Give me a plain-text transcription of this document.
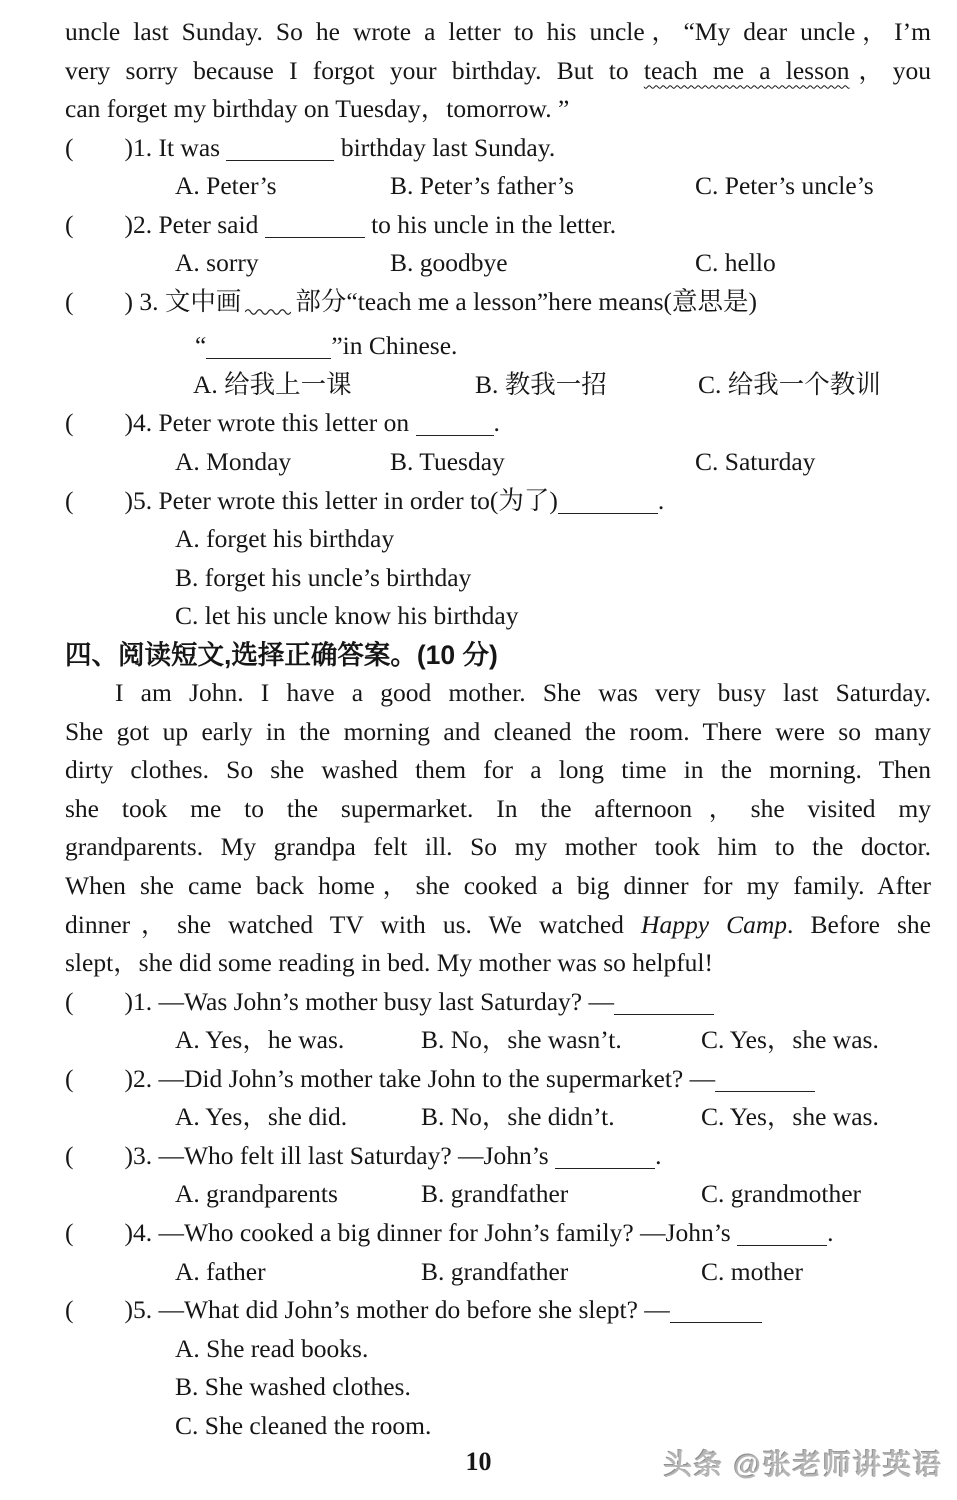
uncle last Sunday. So he wrote a letter to his uncle，“My dear uncle，I’m
very sorry because I forgot your birthday. But to teach me a lesson，you
can forget my birthday on Tuesday，tomorrow. ”
(  )1. It was	birthday last Sunday.
A. Peter’s	B. Peter’s father’s	C. Peter’s uncle’s
(  )2. Peter said	to his uncle in the letter.
A. sorry	B. goodbye	C. hello
(  ) 3. 文中画 部分“teach me a lesson”here means(意思是)
“	”in Chinese.
A. 给我上一课	B. 教我一招	C. 给我一个教训
(  )4. Peter wrote this letter on	.
A. Monday	B. Tuesday	C. Saturday
(  )5. Peter wrote this letter in order to(为了)	.
A. forget his birthday
B. forget his uncle’s birthday
C. let his uncle know his birthday
四、阅读短文,选择正确答案。(10 分)
I am John. I have a good mother. She was very busy last Saturday.
She got up early in the morning and cleaned the room. There were so many
dirty clothes. So she washed them for a long time in the morning. Then
she took me to the supermarket. In the afternoon，she visited my
grandparents. My grandpa felt ill. So my mother took him to the doctor.
When she came back home，she cooked a big dinner for my family. After
dinner，she watched TV with us. We watched Happy Camp. Before she
slept，she did some reading in bed. My mother was so helpful!
(  )1. —Was John’s mother busy last Saturday? —
A. Yes，he was.	B. No，she wasn’t.	C. Yes，she was.
(  )2. —Did John’s mother take John to the supermarket? —
A. Yes，she did.	B. No，she didn’t.	C. Yes，she was.
(  )3. —Who felt ill last Saturday? —John’s	.
A. grandparents	B. grandfather	C. grandmother
(  )4. —Who cooked a big dinner for John’s family? —John’s	.
A. father	B. grandfather	C. mother
(  )5. —What did John’s mother do before she slept? —
A. She read books.
B. She washed clothes.
C. She cleaned the room.
10	头条 @张老师讲英语
